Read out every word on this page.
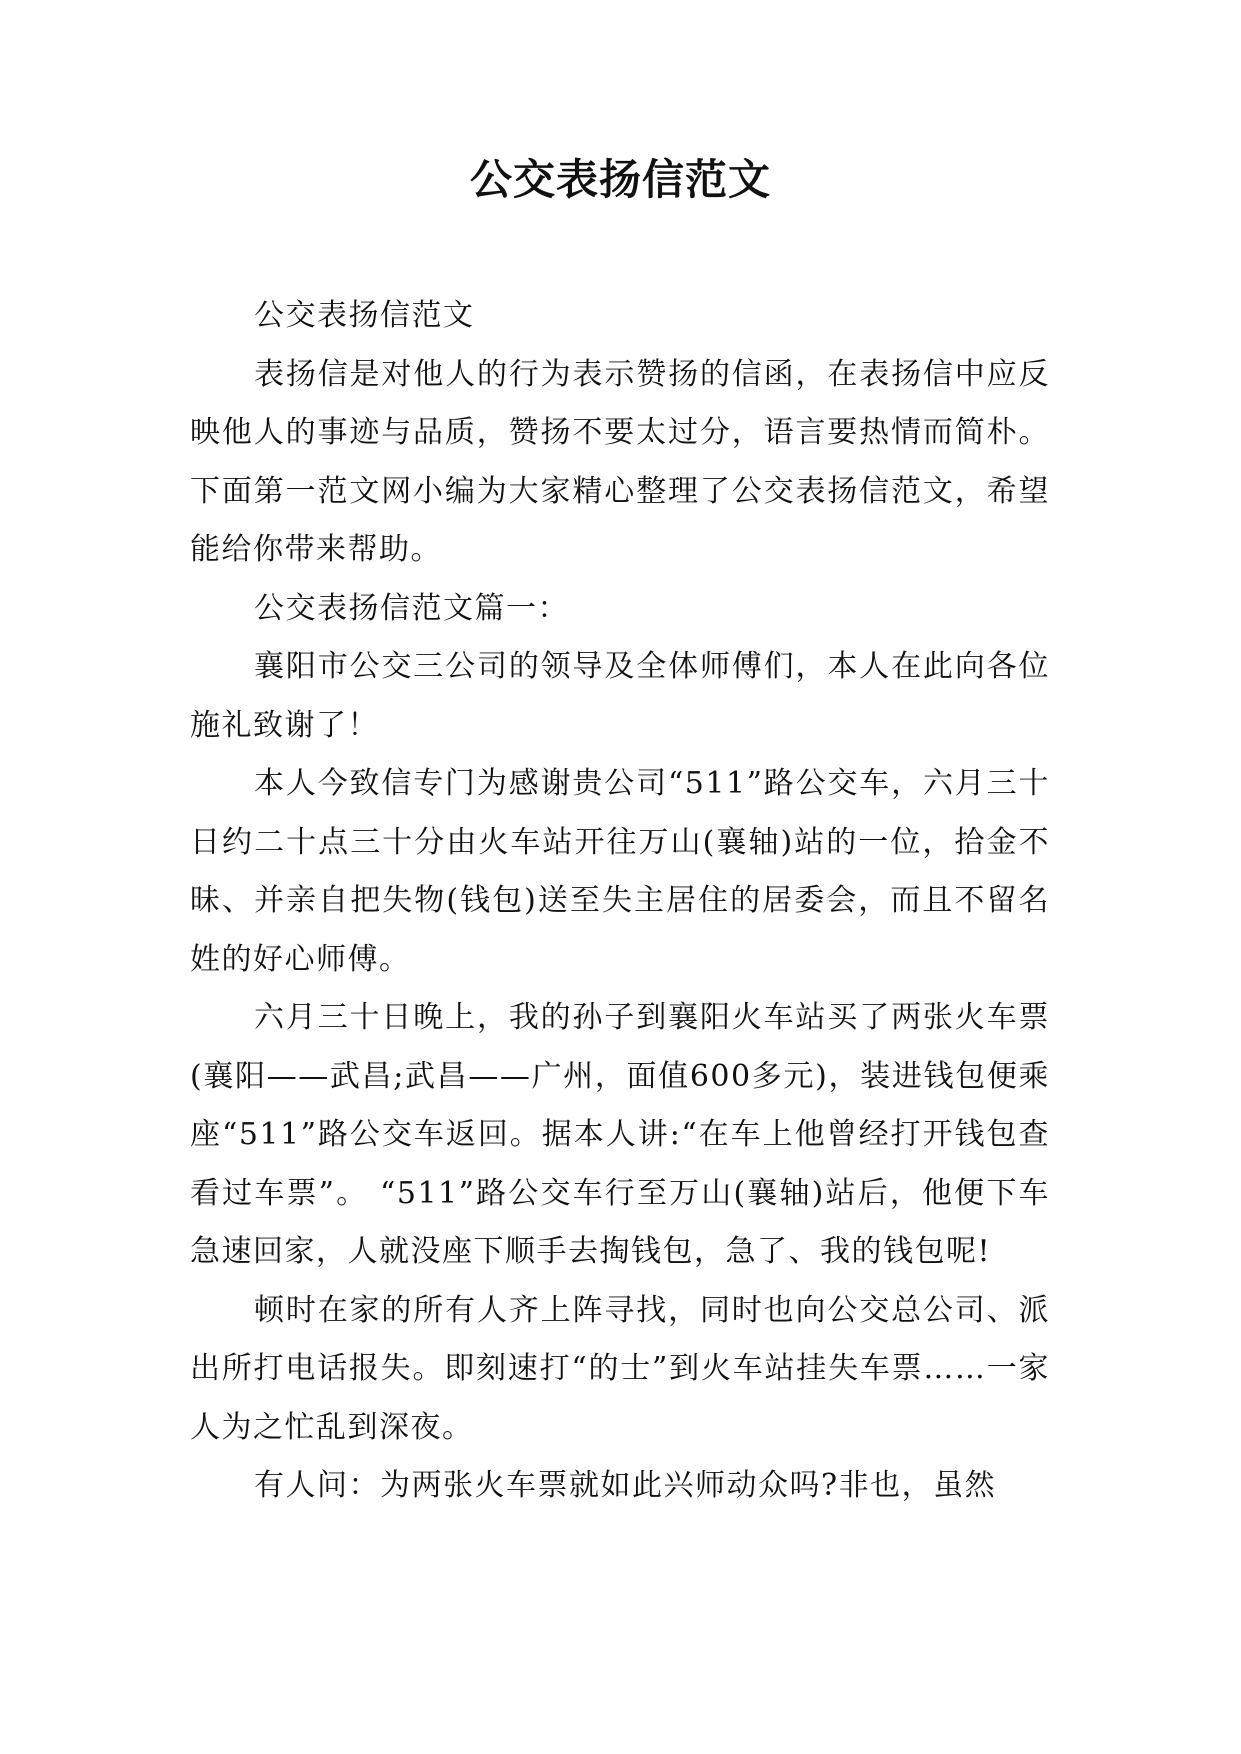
公交表扬信范文

公交表扬信范文

表扬信是对他人的行为表示赞扬的信函，在表扬信中应反映他人的事迹与品质，赞扬不要太过分，语言要热情而简朴。下面第一范文网小编为大家精心整理了公交表扬信范文，希望能给你带来帮助。

公交表扬信范文篇一：

襄阳市公交三公司的领导及全体师傅们，本人在此向各位施礼致谢了！

本人今致信专门为感谢贵公司“511”路公交车，六月三十日约二十点三十分由火车站开往万山(襄轴)站的一位，拾金不昧、并亲自把失物(钱包)送至失主居住的居委会，而且不留名姓的好心师傅。

六月三十日晚上，我的孙子到襄阳火车站买了两张火车票(襄阳——武昌;武昌——广州，面值600多元)，装进钱包便乘座“511”路公交车返回。据本人讲:“在车上他曾经打开钱包查看过车票”。 “511”路公交车行至万山(襄轴)站后，他便下车急速回家，人就没座下顺手去掏钱包，急了、我的钱包呢!

顿时在家的所有人齐上阵寻找，同时也向公交总公司、派出所打电话报失。即刻速打“的士”到火车站挂失车票……一家人为之忙乱到深夜。

有人问：为两张火车票就如此兴师动众吗?非也，虽然
